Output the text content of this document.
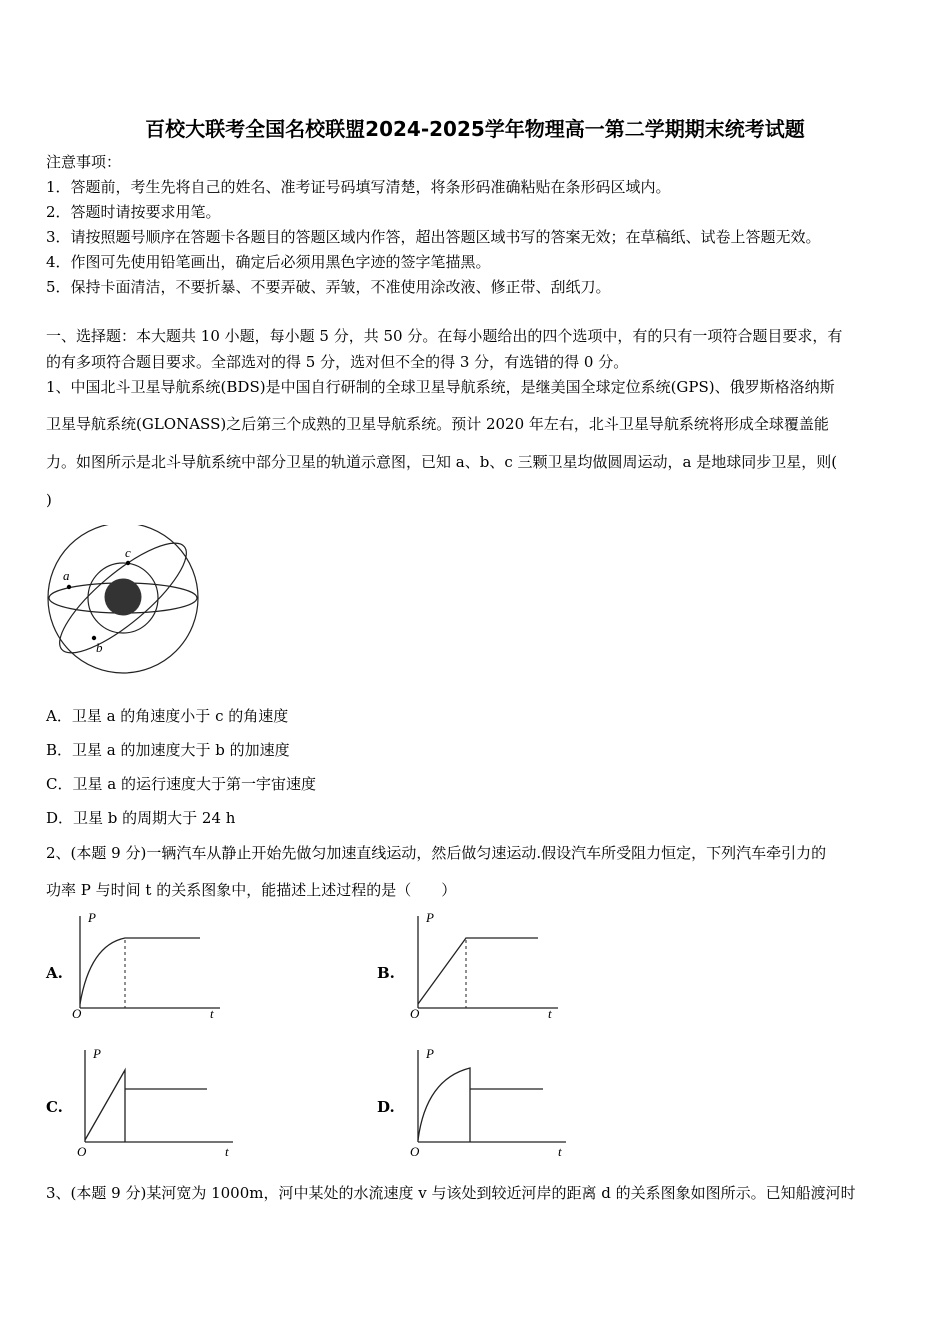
百校大联考全国名校联盟2024-2025学年物理高一第二学期期末统考试题
注意事项：
1．答题前，考生先将自己的姓名、准考证号码填写清楚，将条形码准确粘贴在条形码区域内。
2．答题时请按要求用笔。
3．请按照题号顺序在答题卡各题目的答题区域内作答，超出答题区域书写的答案无效；在草稿纸、试卷上答题无效。
4．作图可先使用铅笔画出，确定后必须用黑色字迹的签字笔描黑。
5．保持卡面清洁，不要折暴、不要弄破、弄皱，不准使用涂改液、修正带、刮纸刀。
一、选择题：本大题共 10 小题，每小题 5 分，共 50 分。在每小题给出的四个选项中，有的只有一项符合题目要求，有
的有多项符合题目要求。全部选对的得 5 分，选对但不全的得 3 分，有选错的得 0 分。
1、中国北斗卫星导航系统(BDS)是中国自行研制的全球卫星导航系统，是继美国全球定位系统(GPS)、俄罗斯格洛纳斯
卫星导航系统(GLONASS)之后第三个成熟的卫星导航系统。预计 2020 年左右，北斗卫星导航系统将形成全球覆盖能
力。如图所示是北斗导航系统中部分卫星的轨道示意图，已知 a、b、c 三颗卫星均做圆周运动，a 是地球同步卫星，则(
)
a
c
b
A．卫星 a 的角速度小于 c 的角速度
B．卫星 a 的加速度大于 b 的加速度
C．卫星 a 的运行速度大于第一宇宙速度
D．卫星 b 的周期大于 24 h
2、(本题 9 分)一辆汽车从静止开始先做匀加速直线运动，然后做匀速运动.假设汽车所受阻力恒定，下列汽车牵引力的
功率 P 与时间 t 的关系图象中，能描述上述过程的是（　　）
A.
P
t
O
B.
P
t
O
C.
P
t
O
D.
P
t
O
3、(本题 9 分)某河宽为 1000m，河中某处的水流速度 v 与该处到较近河岸的距离 d 的关系图象如图所示。已知船渡河时
